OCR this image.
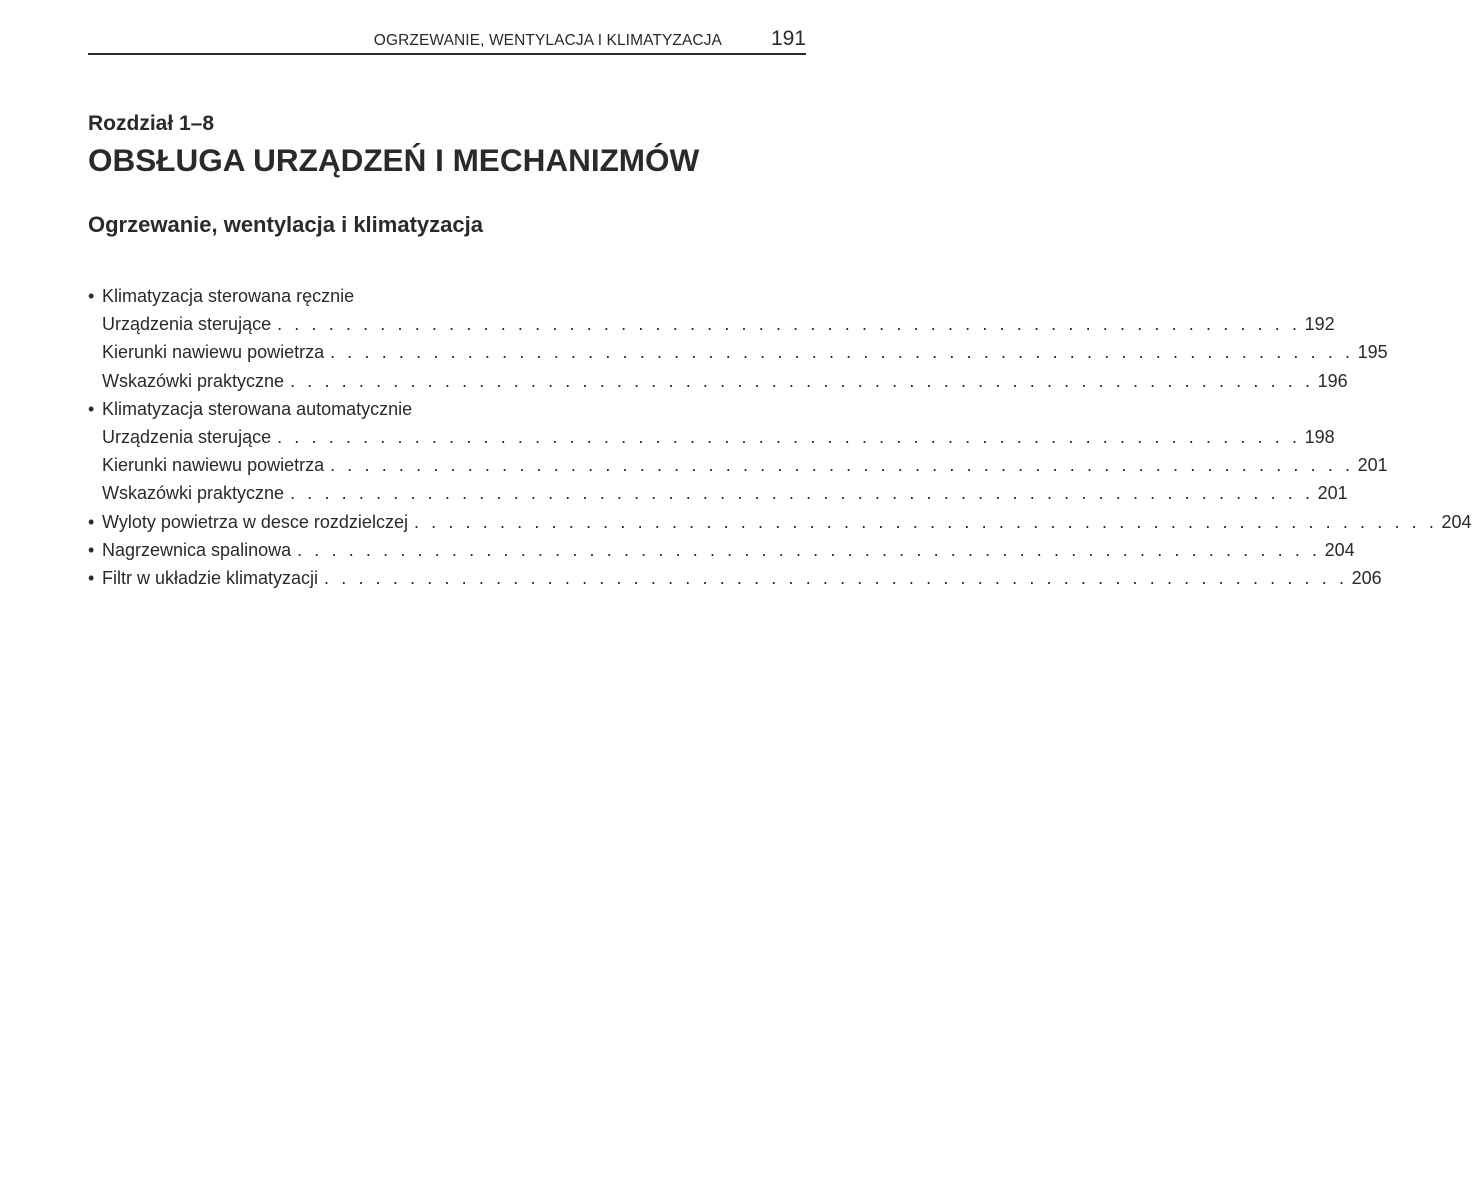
OGRZEWANIE, WENTYLACJA I KLIMATYZACJA 191
Rozdział 1–8
OBSŁUGA URZĄDZEŃ I MECHANIZMÓW
Ogrzewanie, wentylacja i klimatyzacja
• Klimatyzacja sterowana ręcznie
Urządzenia sterujące . . . . . . . . . . . . . . . . . . . . . . . . . . . . . . . . . . . . . . . . . . . . . . . . . . . . . . . . . . . . 192
Kierunki nawiewu powietrza . . . . . . . . . . . . . . . . . . . . . . . . . . . . . . . . . . . . . . . . . . . . . . . . . . . . . . . . . . . . 195
Wskazówki praktyczne . . . . . . . . . . . . . . . . . . . . . . . . . . . . . . . . . . . . . . . . . . . . . . . . . . . . . . . . . . . . 196
• Klimatyzacja sterowana automatycznie
Urządzenia sterujące . . . . . . . . . . . . . . . . . . . . . . . . . . . . . . . . . . . . . . . . . . . . . . . . . . . . . . . . . . . . 198
Kierunki nawiewu powietrza . . . . . . . . . . . . . . . . . . . . . . . . . . . . . . . . . . . . . . . . . . . . . . . . . . . . . . . . . . . . 201
Wskazówki praktyczne . . . . . . . . . . . . . . . . . . . . . . . . . . . . . . . . . . . . . . . . . . . . . . . . . . . . . . . . . . . . 201
• Wyloty powietrza w desce rozdzielczej . . . . . . . . . . . . . . . . . . . . . . . . . . . . . . . . . . . . . . . . . . . . . . . . . . . . . . . . . . . . 204
• Nagrzewnica spalinowa . . . . . . . . . . . . . . . . . . . . . . . . . . . . . . . . . . . . . . . . . . . . . . . . . . . . . . . . . . . . 204
• Filtr w układzie klimatyzacji . . . . . . . . . . . . . . . . . . . . . . . . . . . . . . . . . . . . . . . . . . . . . . . . . . . . . . . . . . . . 206
